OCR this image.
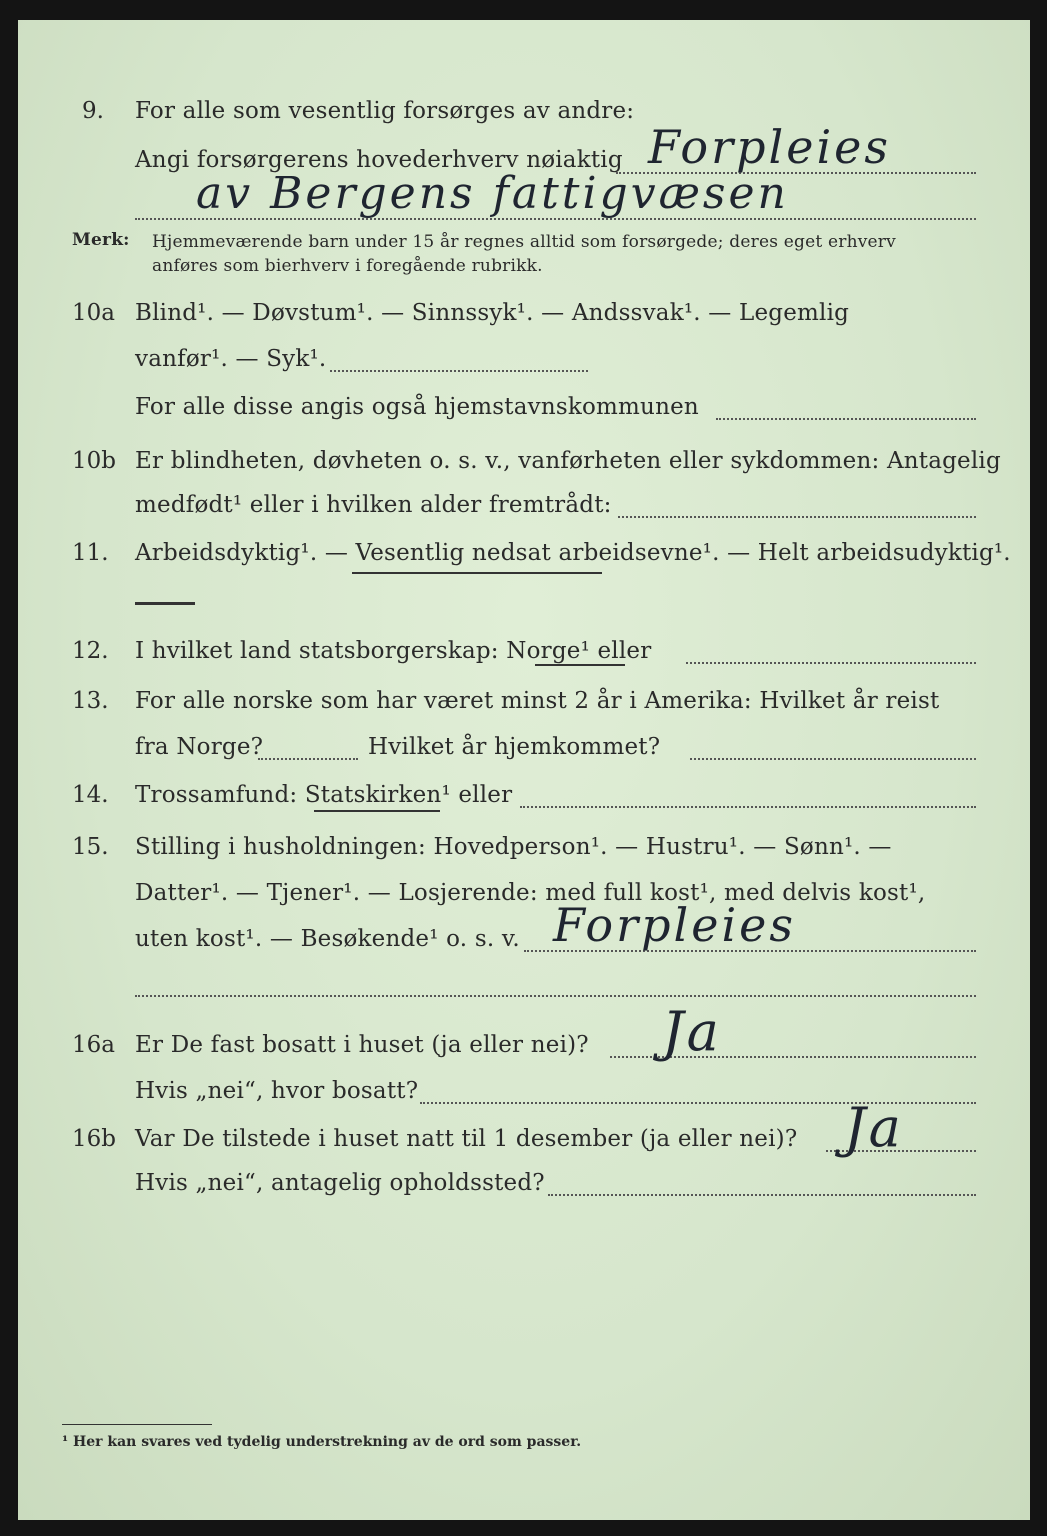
9. For alle som vesentlig forsørges av andre:
Angi forsørgerens hovederhverv nøiaktig Forpleies
av Bergens fattigvæsen
Merk: Hjemmeværende barn under 15 år regnes alltid som forsørgede; deres eget erhverv
anføres som bierhverv i foregående rubrikk.
10a Blind¹. — Døvstum¹. — Sinnssyk¹. — Andssvak¹. — Legemlig
vanfør¹. — Syk¹.
For alle disse angis også hjemstavnskommunen
10b Er blindheten, døvheten o. s. v., vanførheten eller sykdommen: Antagelig
medfødt¹ eller i hvilken alder fremtrådt:
11. Arbeidsdyktig¹. — Vesentlig nedsat arbeidsevne¹. — Helt arbeidsudyktig¹.
12. I hvilket land statsborgerskap: Norge¹ eller
13. For alle norske som har været minst 2 år i Amerika: Hvilket år reist
fra Norge?	Hvilket år hjemkommet?
14. Trossamfund: Statskirken¹ eller
15. Stilling i husholdningen: Hovedperson¹. — Hustru¹. — Sønn¹. —
Datter¹. — Tjener¹. — Losjerende: med full kost¹, med delvis kost¹,
uten kost¹. — Besøkende¹ o. s. v. Forpleies
16a Er De fast bosatt i huset (ja eller nei)? Ja
Hvis „nei“, hvor bosatt?
16b Var De tilstede i huset natt til 1 desember (ja eller nei)? Ja
Hvis „nei“, antagelig opholdssted?
¹ Her kan svares ved tydelig understrekning av de ord som passer.
